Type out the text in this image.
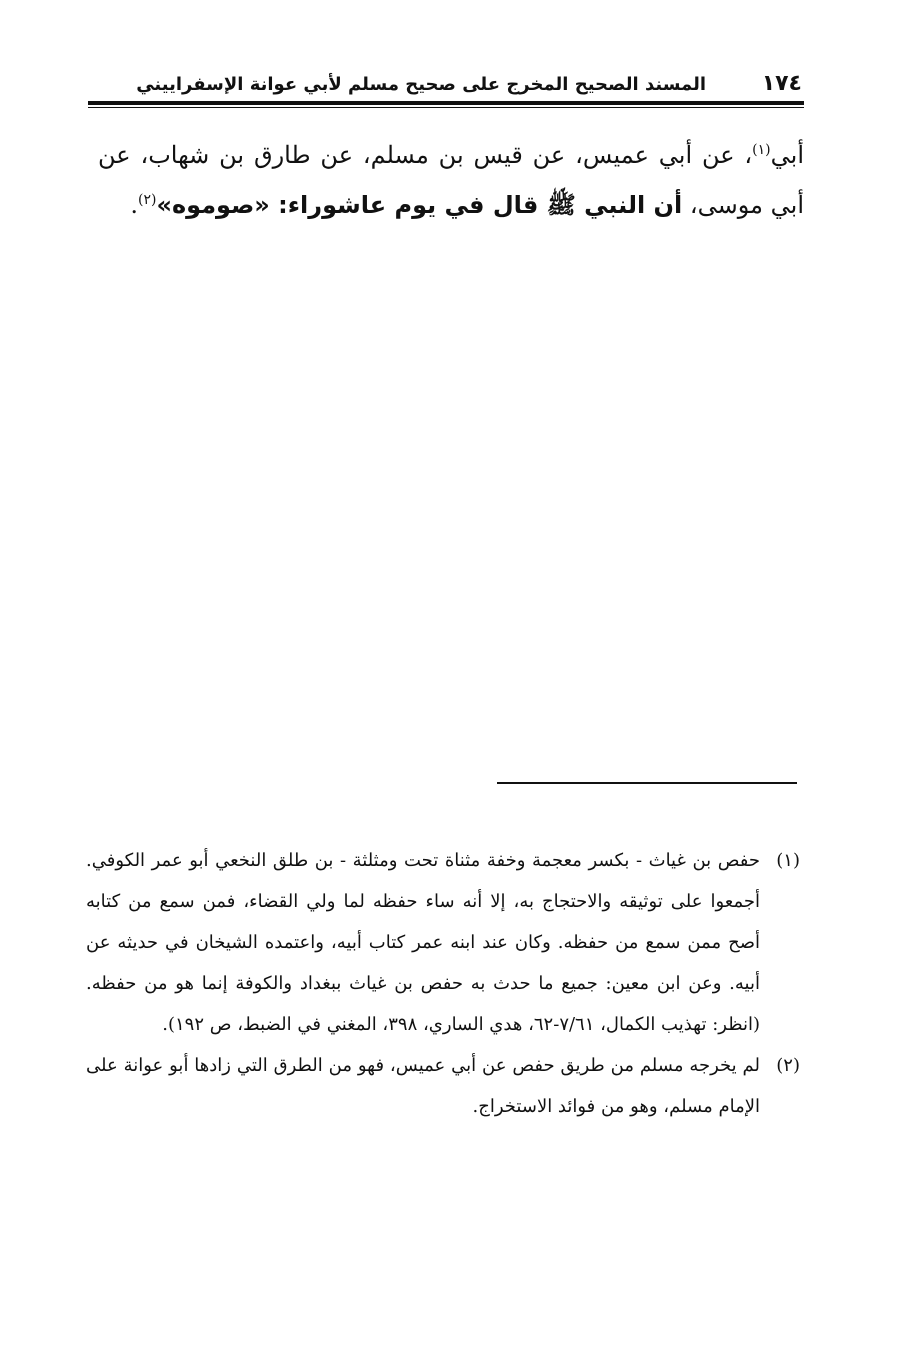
١٧٤
المسند الصحيح المخرج على صحيح مسلم لأبي عوانة الإسفراييني
أبي$^{(١)}$، عن أبي عميس، عن قيس بن مسلم، عن طارق بن شهاب، عن أبي موسى، أن النبي ﷺ قال في يوم عاشوراء: «صوموه»$^{(٢)}$.
(١)
حفص بن غياث - بكسر معجمة وخفة مثناة تحت ومثلثة - بن طلق النخعي أبو عمر الكوفي. أجمعوا على توثيقه والاحتجاج به، إلا أنه ساء حفظه لما ولي القضاء، فمن سمع من كتابه أصح ممن سمع من حفظه. وكان عند ابنه عمر كتاب أبيه، واعتمده الشيخان في حديثه عن أبيه. وعن ابن معين: جميع ما حدث به حفص بن غياث ببغداد والكوفة إنما هو من حفظه. (انظر: تهذيب الكمال، ٧/٦١-٦٢، هدي الساري، ٣٩٨، المغني في الضبط، ص ١٩٢).
(٢)
لم يخرجه مسلم من طريق حفص عن أبي عميس، فهو من الطرق التي زادها أبو عوانة على الإمام مسلم، وهو من فوائد الاستخراج.
